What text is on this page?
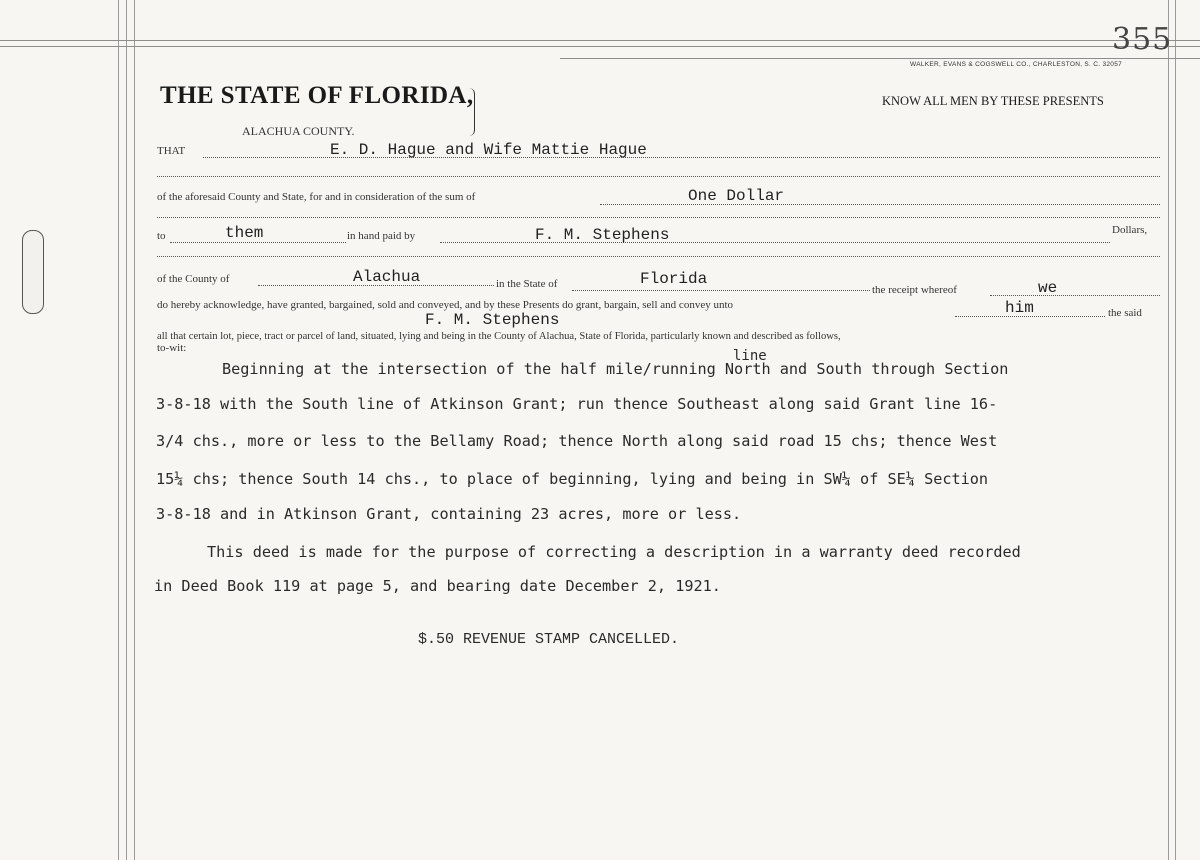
355
WALKER, EVANS & COGSWELL CO., CHARLESTON, S. C. 32057
THE STATE OF FLORIDA,
ALACHUA COUNTY.
KNOW ALL MEN BY THESE PRESENTS
THAT	E. D. Hague and Wife Mattie Hague
of the aforesaid County and State, for and in consideration of the sum of	One Dollar
to	them	in hand paid by	F. M. Stephens	Dollars,
of the County of	Alachua	in the State of	Florida
the receipt whereof	we
do hereby acknowledge, have granted, bargained, sold and conveyed, and by these Presents do grant, bargain, sell and convey unto	him	the said
F. M. Stephens
all that certain lot, piece, tract or parcel of land, situated, lying and being in the County of Alachua, State of Florida, particularly known and described as follows,
to-wit:	line
Beginning at the intersection of the half mile/running North and South through Section
3-8-18 with the South line of Atkinson Grant; run thence Southeast along said Grant line 16-
3/4 chs., more or less to the Bellamy Road; thence North along said road 15 chs; thence West
15¼ chs; thence South 14 chs., to place of beginning, lying and being in SW¼ of SE¼ Section
3-8-18 and in Atkinson Grant, containing 23 acres, more or less.
This deed is made for the purpose of correcting a description in a warranty deed recorded
in Deed Book 119 at page 5, and bearing date December 2, 1921.
$.50 REVENUE STAMP CANCELLED.
